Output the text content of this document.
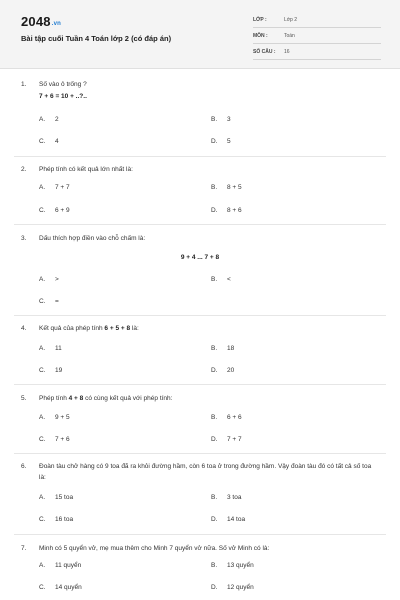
2048.vn
Bài tập cuối Tuần 4 Toán lớp 2 (có đáp án)
LỚP :	Lớp 2
MÔN :	Toán
SỐ CÂU : 16
1. Số vào ô trống ?
7 + 6 = 10 + ..?..
A. 2	B. 3
C. 4	D. 5
2. Phép tính có kết quả lớn nhất là:
A. 7 + 7	B. 8 + 5
C. 6 + 9	D. 8 + 6
3. Dấu thích hợp điền vào chỗ chấm là:
9 + 4 ... 7 + 8
A. >	B. <
C. =
4. Kết quả của phép tính 6 + 5 + 8 là:
A. 11	B. 18
C. 19	D. 20
5. Phép tính 4 + 8 có cùng kết quả với phép tính:
A. 9 + 5	B. 6 + 6
C. 7 + 6	D. 7 + 7
6. Đoàn tàu chở hàng có 9 toa đã ra khỏi đường hầm, còn 6 toa ở trong đường hầm. Vậy đoàn tàu đó có tất cả số toa là:
A. 15 toa	B. 3 toa
C. 16 toa	D. 14 toa
7. Minh có 5 quyển vở, mẹ mua thêm cho Minh 7 quyển vở nữa. Số vở Minh có là:
A. 11 quyển	B. 13 quyển
C. 14 quyển	D. 12 quyển
